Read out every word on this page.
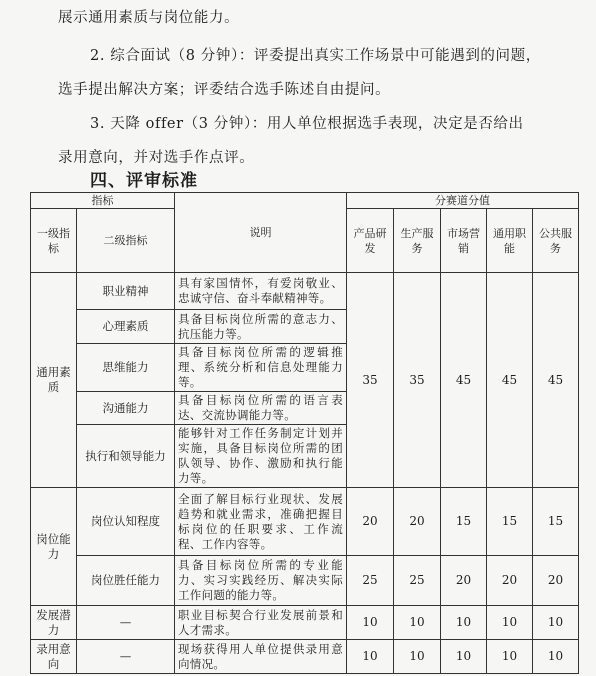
展示通用素质与岗位能力。
2. 综合面试（8 分钟）：评委提出真实工作场景中可能遇到的问题，
选手提出解决方案；评委结合选手陈述自由提问。
3. 天降 offer（3 分钟）：用人单位根据选手表现，决定是否给出
录用意向，并对选手作点评。
四、评审标准
指标		说明	分赛道分值				
一级指标	二级指标		产品研发	生产服务	市场营销	通用职能	公共服务

通用素质	职业精神	具有家国情怀，有爱岗敬业、忠诚守信、奋斗奉献精神等。	35	35	45	45	45
	心理素质	具备目标岗位所需的意志力、抗压能力等。					
	思维能力	具备目标岗位所需的逻辑推理、系统分析和信息处理能力等。					
	沟通能力	具备目标岗位所需的语言表达、交流协调能力等。					
	执行和领导能力	能够针对工作任务制定计划并实施，具备目标岗位所需的团队领导、协作、激励和执行能力等。					
岗位能力	岗位认知程度	全面了解目标行业现状、发展趋势和就业需求，准确把握目标岗位的任职要求、工作流程、工作内容等。	20	20	15	15	15
	岗位胜任能力	具备目标岗位所需的专业能力、实习实践经历、解决实际工作问题的能力等。	25	25	20	20	20
发展潜力	—	职业目标契合行业发展前景和人才需求。	10	10	10	10	10
录用意向	—	现场获得用人单位提供录用意向情况。	10	10	10	10	10
